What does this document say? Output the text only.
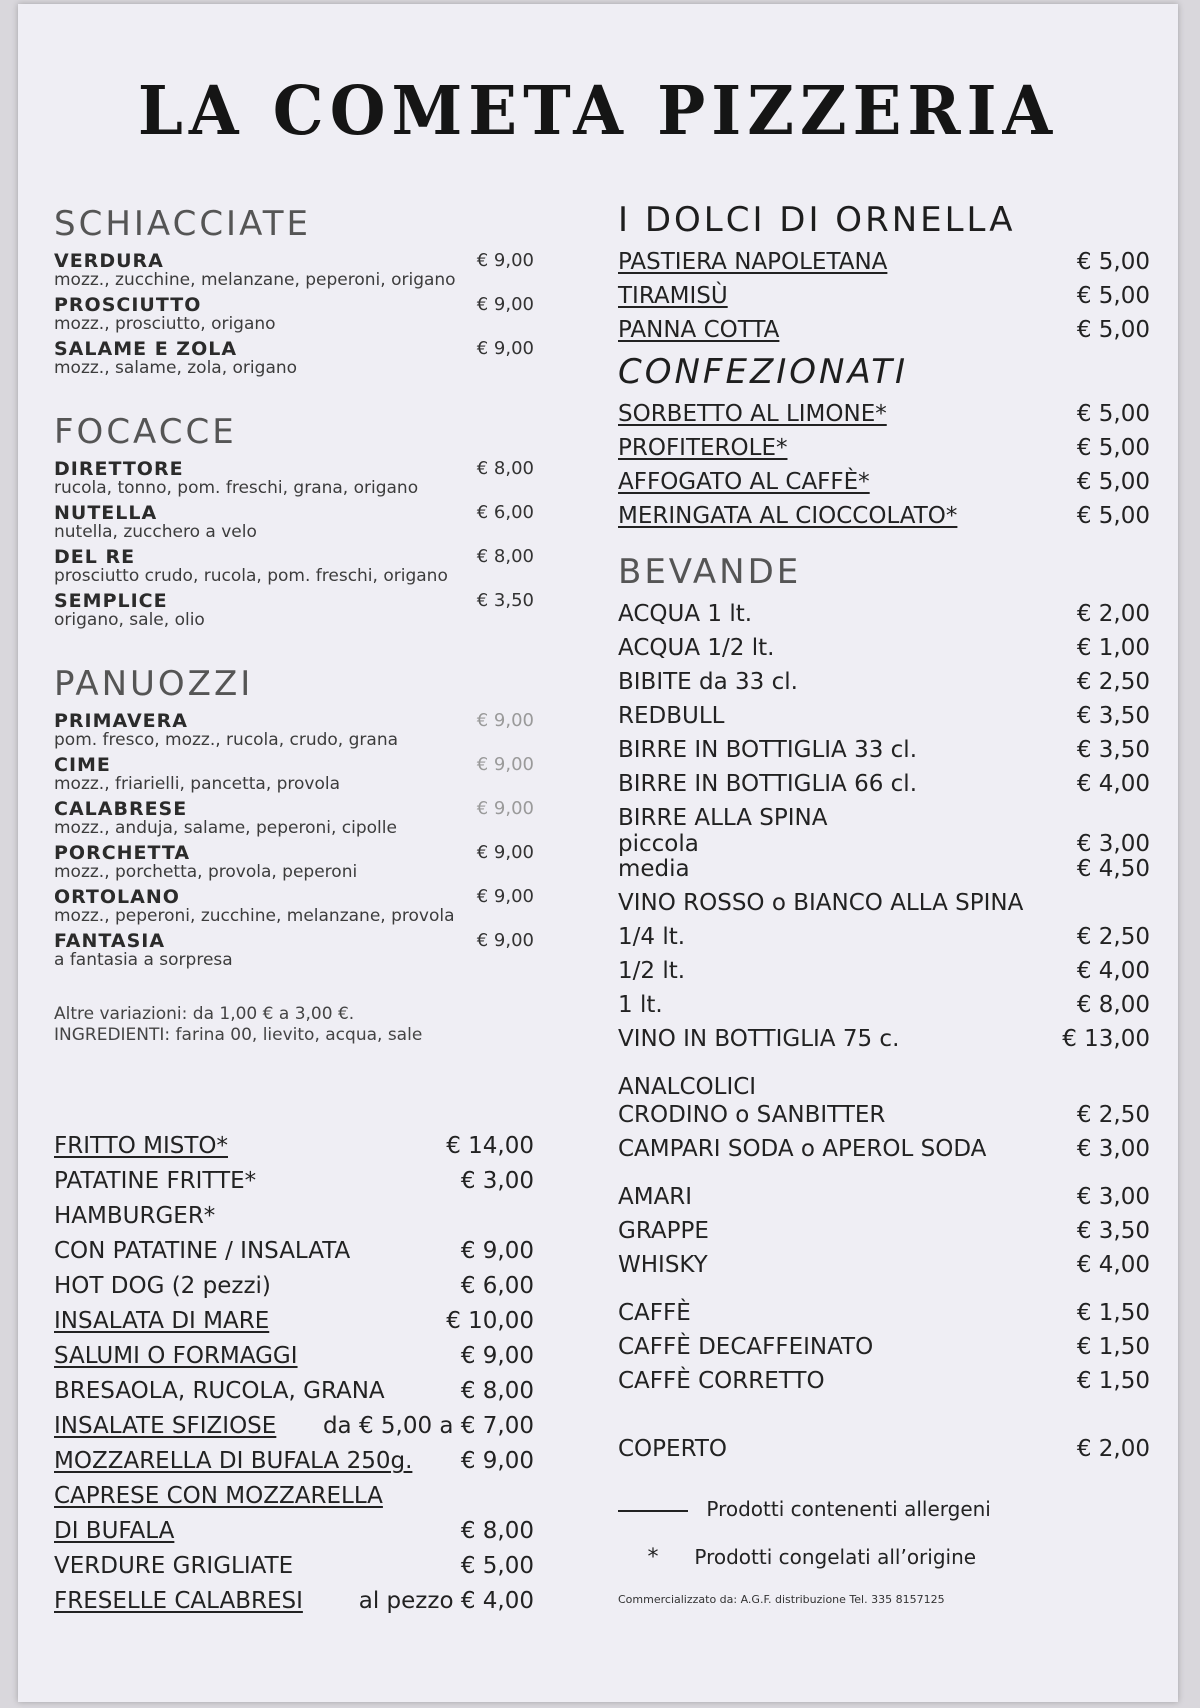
LA COMETA PIZZERIA
SCHIACCIATE
VERDURA
mozz., zucchine, melanzane, peperoni, origano
€ 9,00
PROSCIUTTO
mozz., prosciutto, origano
€ 9,00
SALAME E ZOLA
mozz., salame, zola, origano
€ 9,00
FOCACCE
DIRETTORE
rucola, tonno, pom. freschi, grana, origano
€ 8,00
NUTELLA
nutella, zucchero a velo
€ 6,00
DEL RE
prosciutto crudo, rucola, pom. freschi, origano
€ 8,00
SEMPLICE
origano, sale, olio
€ 3,50
PANUOZZI
PRIMAVERA
pom. fresco, mozz., rucola, crudo, grana
€ 9,00
CIME
mozz., friarielli, pancetta, provola
€ 9,00
CALABRESE
mozz., anduja, salame, peperoni, cipolle
€ 9,00
PORCHETTA
mozz., porchetta, provola, peperoni
€ 9,00
ORTOLANO
mozz., peperoni, zucchine, melanzane, provola
€ 9,00
FANTASIA
a fantasia a sorpresa
€ 9,00
Altre variazioni: da 1,00 € a 3,00 €.
INGREDIENTI: farina 00, lievito, acqua, sale
FRITTO MISTO*	€ 14,00
PATATINE FRITTE*	€ 3,00
HAMBURGER*
CON PATATINE / INSALATA	€ 9,00
HOT DOG (2 pezzi)	€ 6,00
INSALATA DI MARE	€ 10,00
SALUMI O FORMAGGI	€ 9,00
BRESAOLA, RUCOLA, GRANA	€ 8,00
INSALATE SFIZIOSE da € 5,00 a € 7,00
MOZZARELLA DI BUFALA 250g. € 9,00
CAPRESE CON MOZZARELLA
DI BUFALA	€ 8,00
VERDURE GRIGLIATE	€ 5,00
FRESELLE CALABRESI al pezzo € 4,00
I DOLCI DI ORNELLA
PASTIERA NAPOLETANA	€ 5,00
TIRAMISÙ	€ 5,00
PANNA COTTA	€ 5,00
CONFEZIONATI
SORBETTO AL LIMONE*	€ 5,00
PROFITEROLE*	€ 5,00
AFFOGATO AL CAFFÈ*	€ 5,00
MERINGATA AL CIOCCOLATO*	€ 5,00
BEVANDE
ACQUA 1 lt.	€ 2,00
ACQUA 1/2 lt.	€ 1,00
BIBITE da 33 cl.	€ 2,50
REDBULL	€ 3,50
BIRRE IN BOTTIGLIA 33 cl.	€ 3,50
BIRRE IN BOTTIGLIA 66 cl.	€ 4,00
BIRRE ALLA SPINA
piccola	€ 3,00
media	€ 4,50
VINO ROSSO o BIANCO ALLA SPINA
1/4 lt.	€ 2,50
1/2 lt.	€ 4,00
1 lt.	€ 8,00
VINO IN BOTTIGLIA 75 c.	€ 13,00
ANALCOLICI
CRODINO o SANBITTER	€ 2,50
CAMPARI SODA o APEROL SODA	€ 3,00
AMARI	€ 3,00
GRAPPE	€ 3,50
WHISKY	€ 4,00
CAFFÈ	€ 1,50
CAFFÈ DECAFFEINATO	€ 1,50
CAFFÈ CORRETTO	€ 1,50
COPERTO	€ 2,00
Prodotti contenenti allergeni
* Prodotti congelati all’origine
Commercializzato da: A.G.F. distribuzione Tel. 335 8157125
